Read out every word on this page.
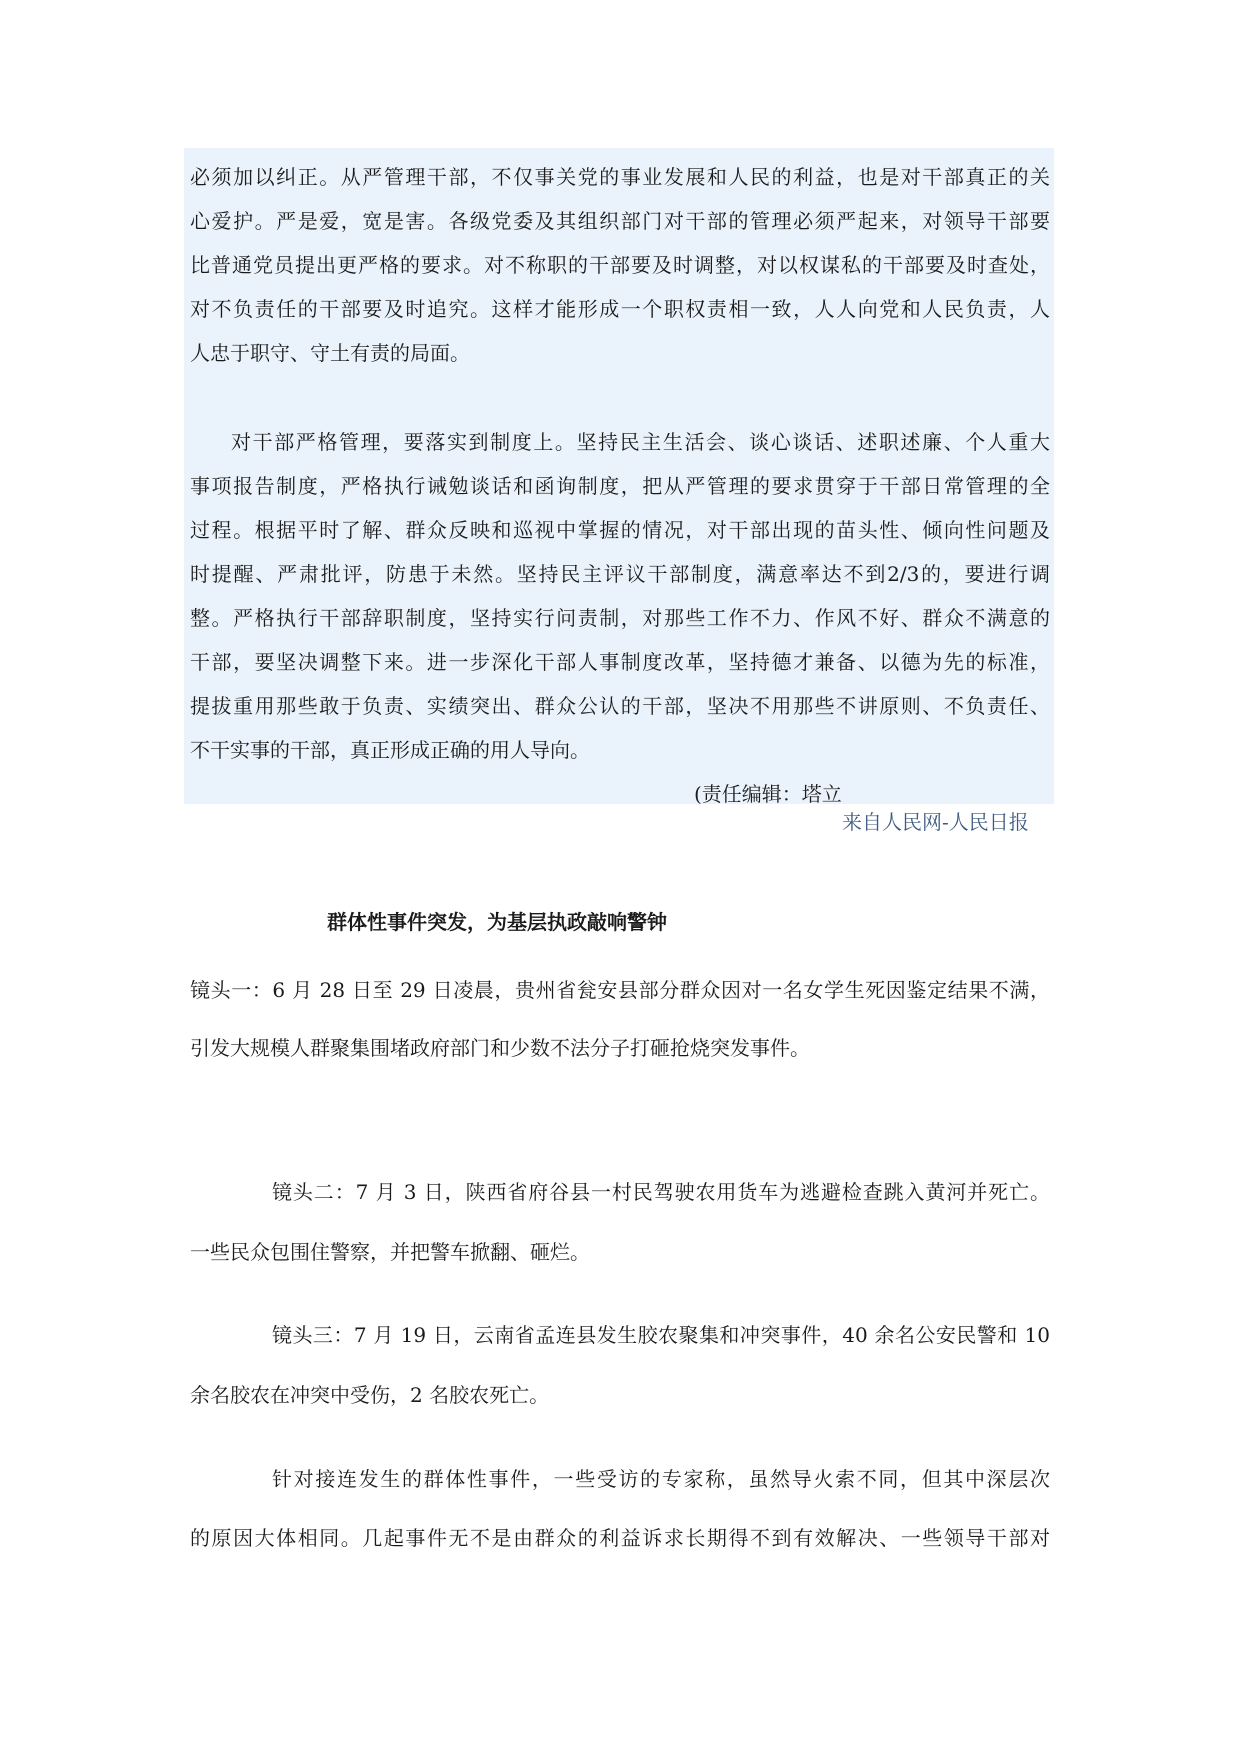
必须加以纠正。从严管理干部，不仅事关党的事业发展和人民的利益，也是对干部真正的关
心爱护。严是爱，宽是害。各级党委及其组织部门对干部的管理必须严起来，对领导干部要
比普通党员提出更严格的要求。对不称职的干部要及时调整，对以权谋私的干部要及时查处，
对不负责任的干部要及时追究。这样才能形成一个职权责相一致，人人向党和人民负责，人
人忠于职守、守土有责的局面。
对干部严格管理，要落实到制度上。坚持民主生活会、谈心谈话、述职述廉、个人重大
事项报告制度，严格执行诫勉谈话和函询制度，把从严管理的要求贯穿于干部日常管理的全
过程。根据平时了解、群众反映和巡视中掌握的情况，对干部出现的苗头性、倾向性问题及
时提醒、严肃批评，防患于未然。坚持民主评议干部制度，满意率达不到2/3的，要进行调
整。严格执行干部辞职制度，坚持实行问责制，对那些工作不力、作风不好、群众不满意的
干部，要坚决调整下来。进一步深化干部人事制度改革，坚持德才兼备、以德为先的标准，
提拔重用那些敢于负责、实绩突出、群众公认的干部，坚决不用那些不讲原则、不负责任、
不干实事的干部，真正形成正确的用人导向。
(责任编辑：塔立
来自人民网-人民日报
群体性事件突发，为基层执政敲响警钟
镜头一：6 月 28 日至 29 日凌晨，贵州省瓮安县部分群众因对一名女学生死因鉴定结果不满，
引发大规模人群聚集围堵政府部门和少数不法分子打砸抢烧突发事件。
镜头二：7 月 3 日，陕西省府谷县一村民驾驶农用货车为逃避检查跳入黄河并死亡。
一些民众包围住警察，并把警车掀翻、砸烂。
镜头三：7 月 19 日，云南省孟连县发生胶农聚集和冲突事件，40 余名公安民警和 10
余名胶农在冲突中受伤，2 名胶农死亡。
针对接连发生的群体性事件，一些受访的专家称，虽然导火索不同，但其中深层次
的原因大体相同。几起事件无不是由群众的利益诉求长期得不到有效解决、一些领导干部对
